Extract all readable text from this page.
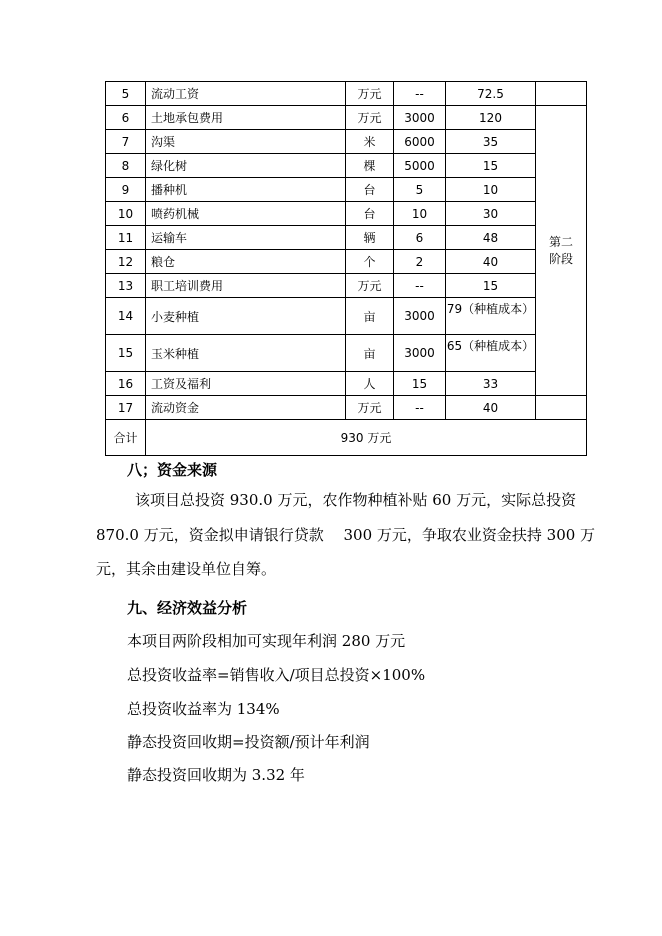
5	流动工资	万元	--	72.5	
6	土地承包费用	万元	3000	120	第二
阶段

7	沟渠	米	6000	35	
8	绿化树	棵	5000	15	
9	播种机	台	5	10	
10	喷药机械	台	10	30	
11	运输车	辆	6	48	
12	粮仓	个	2	40	
13	职工培训费用	万元	--	15	
14	小麦种植	亩	3000	79（种植成本）	
15	玉米种植	亩	3000	65（种植成本）	
16	工资及福利	人	15	33	
17	流动资金	万元	--	40	
合计	930 万元				
八；资金来源
该项目总投资 930.0 万元，农作物种植补贴 60 万元，实际总投资
870.0 万元，资金拟申请银行贷款　 300 万元，争取农业资金扶持 300 万
元，其余由建设单位自筹。
九、经济效益分析
本项目两阶段相加可实现年利润 280 万元
总投资收益率=销售收入/项目总投资×100%
总投资收益率为 134%
静态投资回收期=投资额/预计年利润
静态投资回收期为 3.32 年
